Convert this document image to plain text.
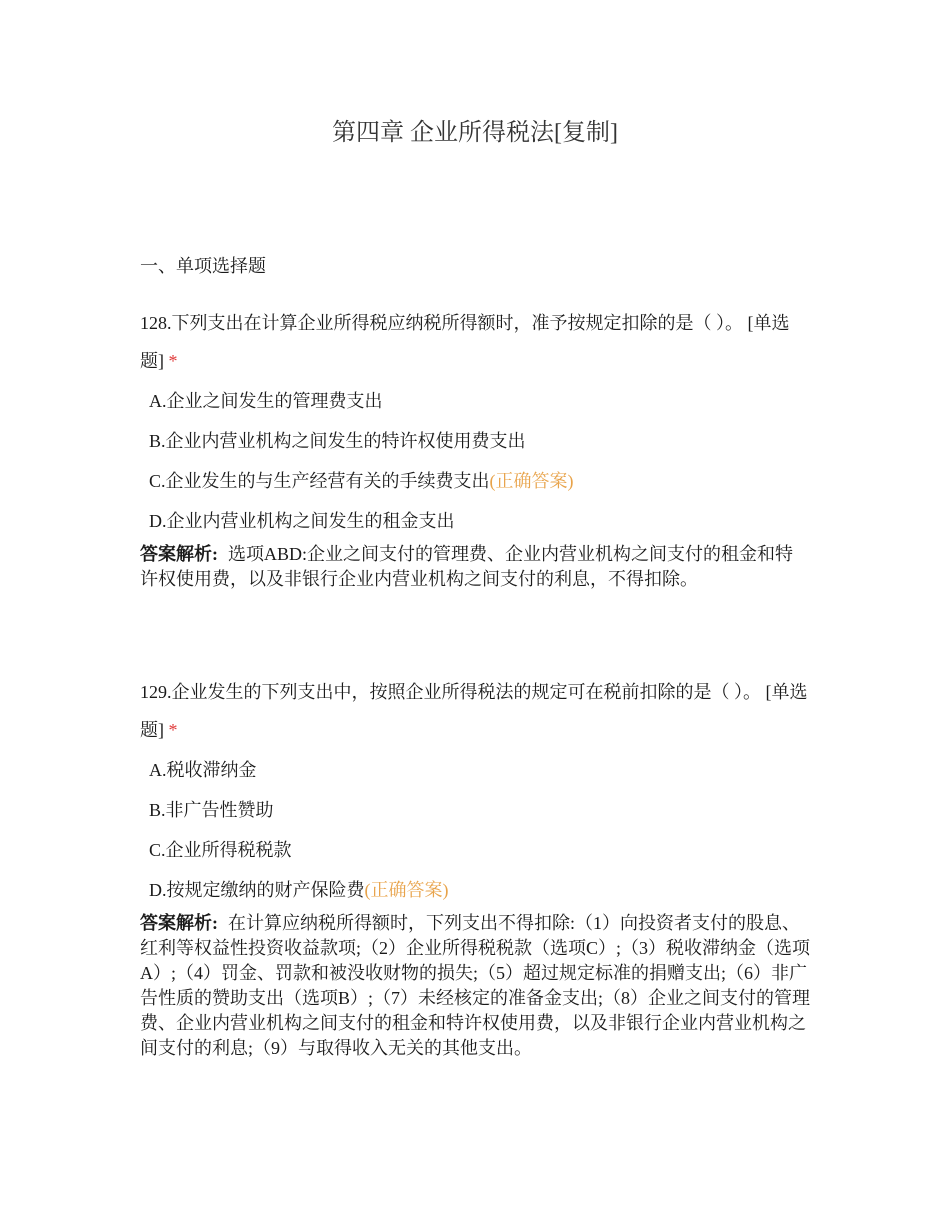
第四章 企业所得税法[复制]
一、单项选择题
128.下列支出在计算企业所得税应纳税所得额时，准予按规定扣除的是（ ）。 [单选题] *
A.企业之间发生的管理费支出
B.企业内营业机构之间发生的特许权使用费支出
C.企业发生的与生产经营有关的手续费支出(正确答案)
D.企业内营业机构之间发生的租金支出
答案解析: 选项ABD:企业之间支付的管理费、企业内营业机构之间支付的租金和特许权使用费，以及非银行企业内营业机构之间支付的利息，不得扣除。
129.企业发生的下列支出中，按照企业所得税法的规定可在税前扣除的是（ ）。 [单选题] *
A.税收滞纳金
B.非广告性赞助
C.企业所得税税款
D.按规定缴纳的财产保险费(正确答案)
答案解析: 在计算应纳税所得额时，下列支出不得扣除:（1）向投资者支付的股息、红利等权益性投资收益款项;（2）企业所得税税款（选项C）;（3）税收滞纳金（选项A）;（4）罚金、罚款和被没收财物的损失;（5）超过规定标准的捐赠支出;（6）非广告性质的赞助支出（选项B）;（7）未经核定的准备金支出;（8）企业之间支付的管理费、企业内营业机构之间支付的租金和特许权使用费，以及非银行企业内营业机构之间支付的利息;（9）与取得收入无关的其他支出。
